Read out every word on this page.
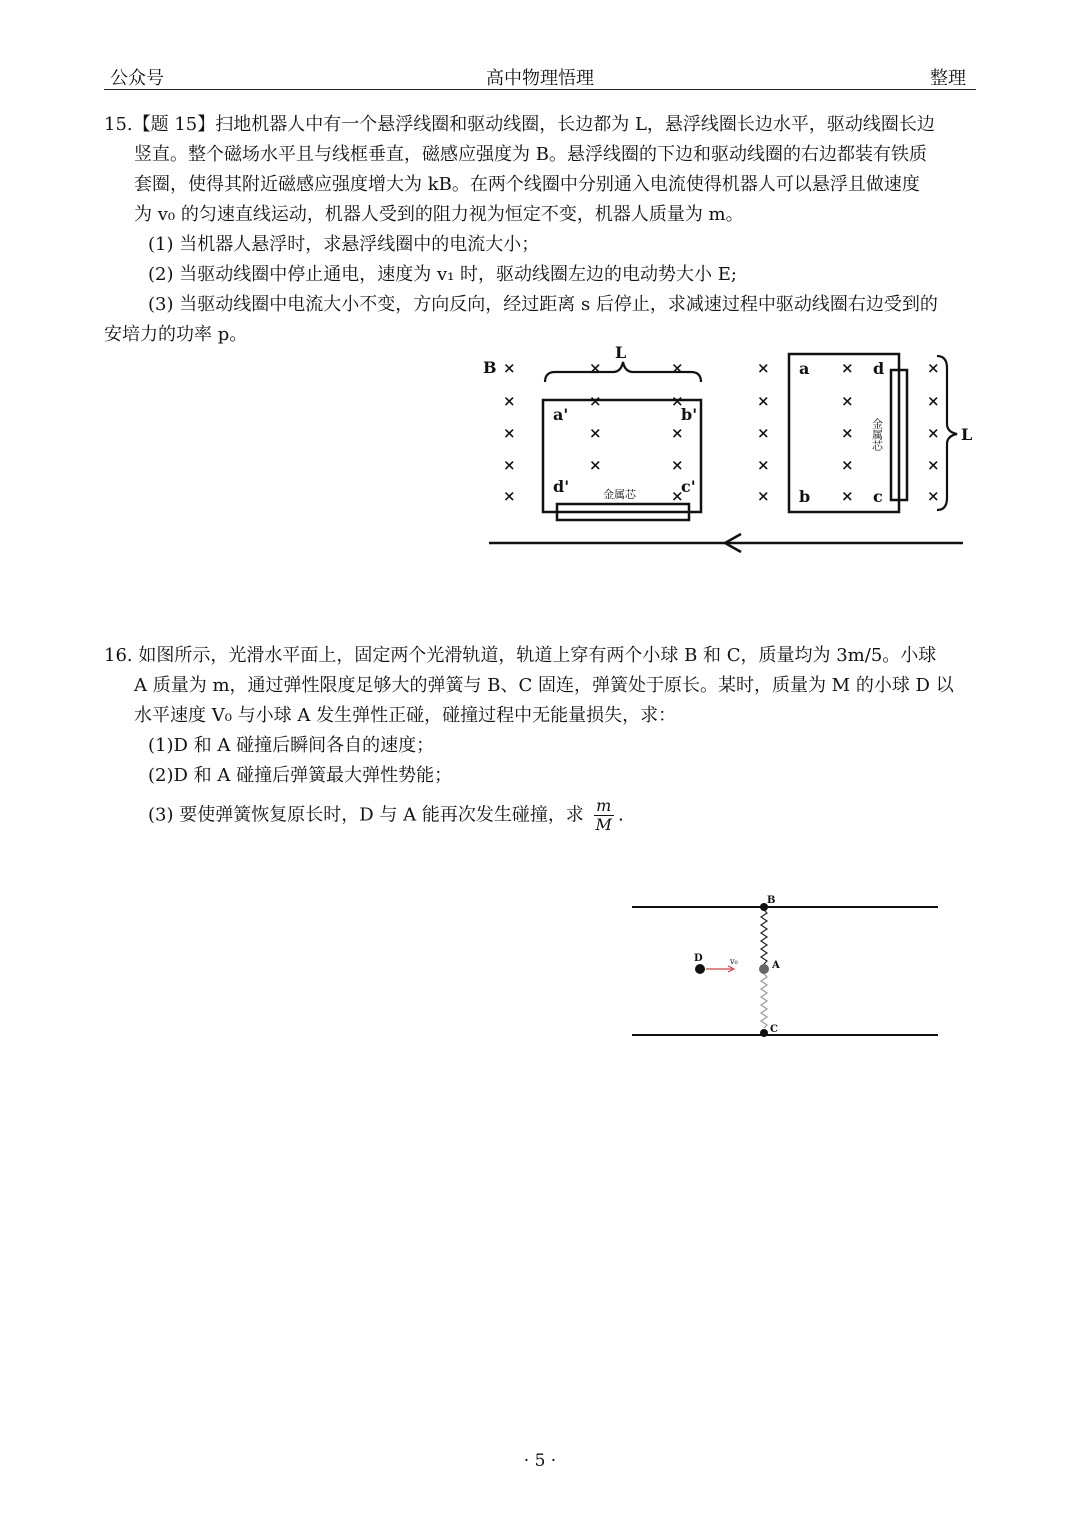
公众号	高中物理悟理	整理
15.【题 15】扫地机器人中有一个悬浮线圈和驱动线圈，长边都为 L，悬浮线圈长边水平，驱动线圈长边
竖直。整个磁场水平且与线框垂直，磁感应强度为 B。悬浮线圈的下边和驱动线圈的右边都装有铁质
套圈，使得其附近磁感应强度增大为 kB。在两个线圈中分别通入电流使得机器人可以悬浮且做速度
为 v₀ 的匀速直线运动，机器人受到的阻力视为恒定不变，机器人质量为 m。
(1) 当机器人悬浮时，求悬浮线圈中的电流大小；
(2) 当驱动线圈中停止通电，速度为 v₁ 时，驱动线圈左边的电动势大小 E;
(3) 当驱动线圈中电流大小不变，方向反向，经过距离 s 后停止，求减速过程中驱动线圈右边受到的
安培力的功率 p。
×	×	×
×	×	×
×	×	×
×	×	×
×	×
×	×	×
×	×	×
×	×	×
×	×	×
×	×	×
B
L
L
a'	b'
d'	c'
a	d
b	c
金属芯
金属芯
16. 如图所示，光滑水平面上，固定两个光滑轨道，轨道上穿有两个小球 B 和 C，质量均为 3m/5。小球
A 质量为 m，通过弹性限度足够大的弹簧与 B、C 固连，弹簧处于原长。某时，质量为 M 的小球 D 以
水平速度 V₀ 与小球 A 发生弹性正碰，碰撞过程中无能量损失，求：
(1)D 和 A 碰撞后瞬间各自的速度；
(2)D 和 A 碰撞后弹簧最大弹性势能；
(3) 要使弹簧恢复原长时，D 与 A 能再次发生碰撞，求 $\frac{m}{M}$ .
B
A
C
D	v₀
· 5 ·
